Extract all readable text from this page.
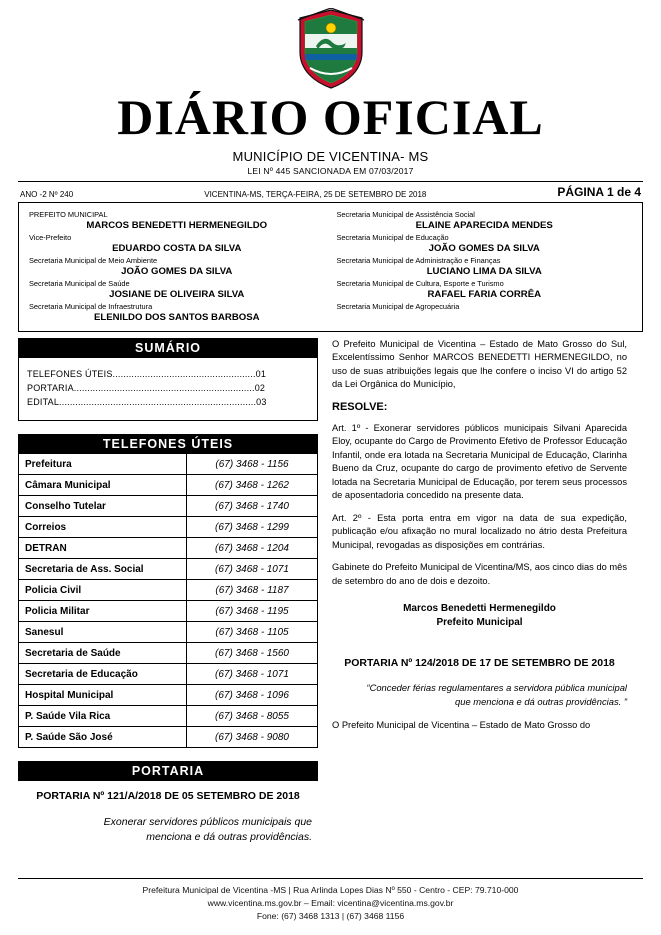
DIÁRIO OFICIAL
MUNICÍPIO DE VICENTINA- MS
LEI Nº 445 SANCIONADA EM 07/03/2017
ANO -2 Nº 240	VICENTINA-MS, TERÇA-FEIRA, 25 DE SETEMBRO DE 2018	PÁGINA 1 de 4
PREFEITO MUNICIPAL
MARCOS BENEDETTI HERMENEGILDO
Vice-Prefeito
EDUARDO COSTA DA SILVA
Secretaria Municipal de Meio Ambiente
JOÃO GOMES DA SILVA
Secretaria Municipal de Saúde
JOSIANE DE OLIVEIRA SILVA
Secretaria Municipal de Infraestrutura
ELENILDO DOS SANTOS BARBOSA
Secretaria Municipal de Assistência Social
ELAINE APARECIDA MENDES
Secretaria Municipal de Educação
JOÃO GOMES DA SILVA
Secretaria Municipal de Administração e Finanças
LUCIANO LIMA DA SILVA
Secretaria Municipal de Cultura, Esporte e Turismo
RAFAEL FARIA CORRÊA
Secretaria Municipal de Agropecuária
SUMÁRIO
TELEFONES ÚTEIS.....................................................01
PORTARIA...................................................................02
EDITAL.........................................................................03
TELEFONES ÚTEIS
Prefeitura	(67) 3468 - 1156
Câmara Municipal	(67) 3468 - 1262
Conselho Tutelar	(67) 3468 - 1740
Correios	(67) 3468 - 1299
DETRAN	(67) 3468 - 1204
Secretaria de Ass. Social	(67) 3468 - 1071
Policia Civil	(67) 3468 - 1187
Policia Militar	(67) 3468 - 1195
Sanesul	(67) 3468 - 1105
Secretaria de Saúde	(67) 3468 - 1560
Secretaria de Educação	(67) 3468 - 1071
Hospital Municipal	(67) 3468 - 1096
P. Saúde Vila Rica	(67) 3468 - 8055
P. Saúde São José	(67) 3468 - 9080
PORTARIA
PORTARIA Nº 121/A/2018 DE 05 SETEMBRO DE 2018
Exonerar servidores públicos municipais que menciona e dá outras providências.

O Prefeito Municipal de Vicentina – Estado de Mato Grosso do Sul, Excelentíssimo Senhor MARCOS BENEDETTI HERMENEGILDO, no uso de suas atribuições legais que lhe confere o inciso VI do artigo 52 da Lei Orgânica do Município,

RESOLVE:

Art. 1º - Exonerar servidores públicos municipais Silvani Aparecida Eloy, ocupante do Cargo de Provimento Efetivo de Professor Educação Infantil, onde era lotada na Secretaria Municipal de Educação, Clarinha Bueno da Cruz, ocupante do cargo de provimento efetivo de Servente lotada na Secretaria Municipal de Educação, por terem seus processos de aposentadoria concedido na presente data.

Art. 2º - Esta porta entra em vigor na data de sua expedição, publicação e/ou afixação no mural localizado no átrio desta Prefeitura Municipal, revogadas as disposições em contrárias.

Gabinete do Prefeito Municipal de Vicentina/MS, aos cinco dias do mês de setembro do ano de dois e dezoito.

Marcos Benedetti Hermenegildo
Prefeito Municipal
PORTARIA Nº 124/2018 DE 17 DE SETEMBRO DE 2018
“Conceder férias regulamentares a servidora pública municipal que menciona e dá outras providências. ”

O Prefeito Municipal de Vicentina – Estado de Mato Grosso do

Prefeitura Municipal de Vicentina -MS | Rua Arlinda Lopes Dias Nº 550 - Centro - CEP: 79.710-000
www.vicentina.ms.gov.br – Email: vicentina@vicentina.ms.gov.br
Fone: (67) 3468 1313 | (67) 3468 1156
